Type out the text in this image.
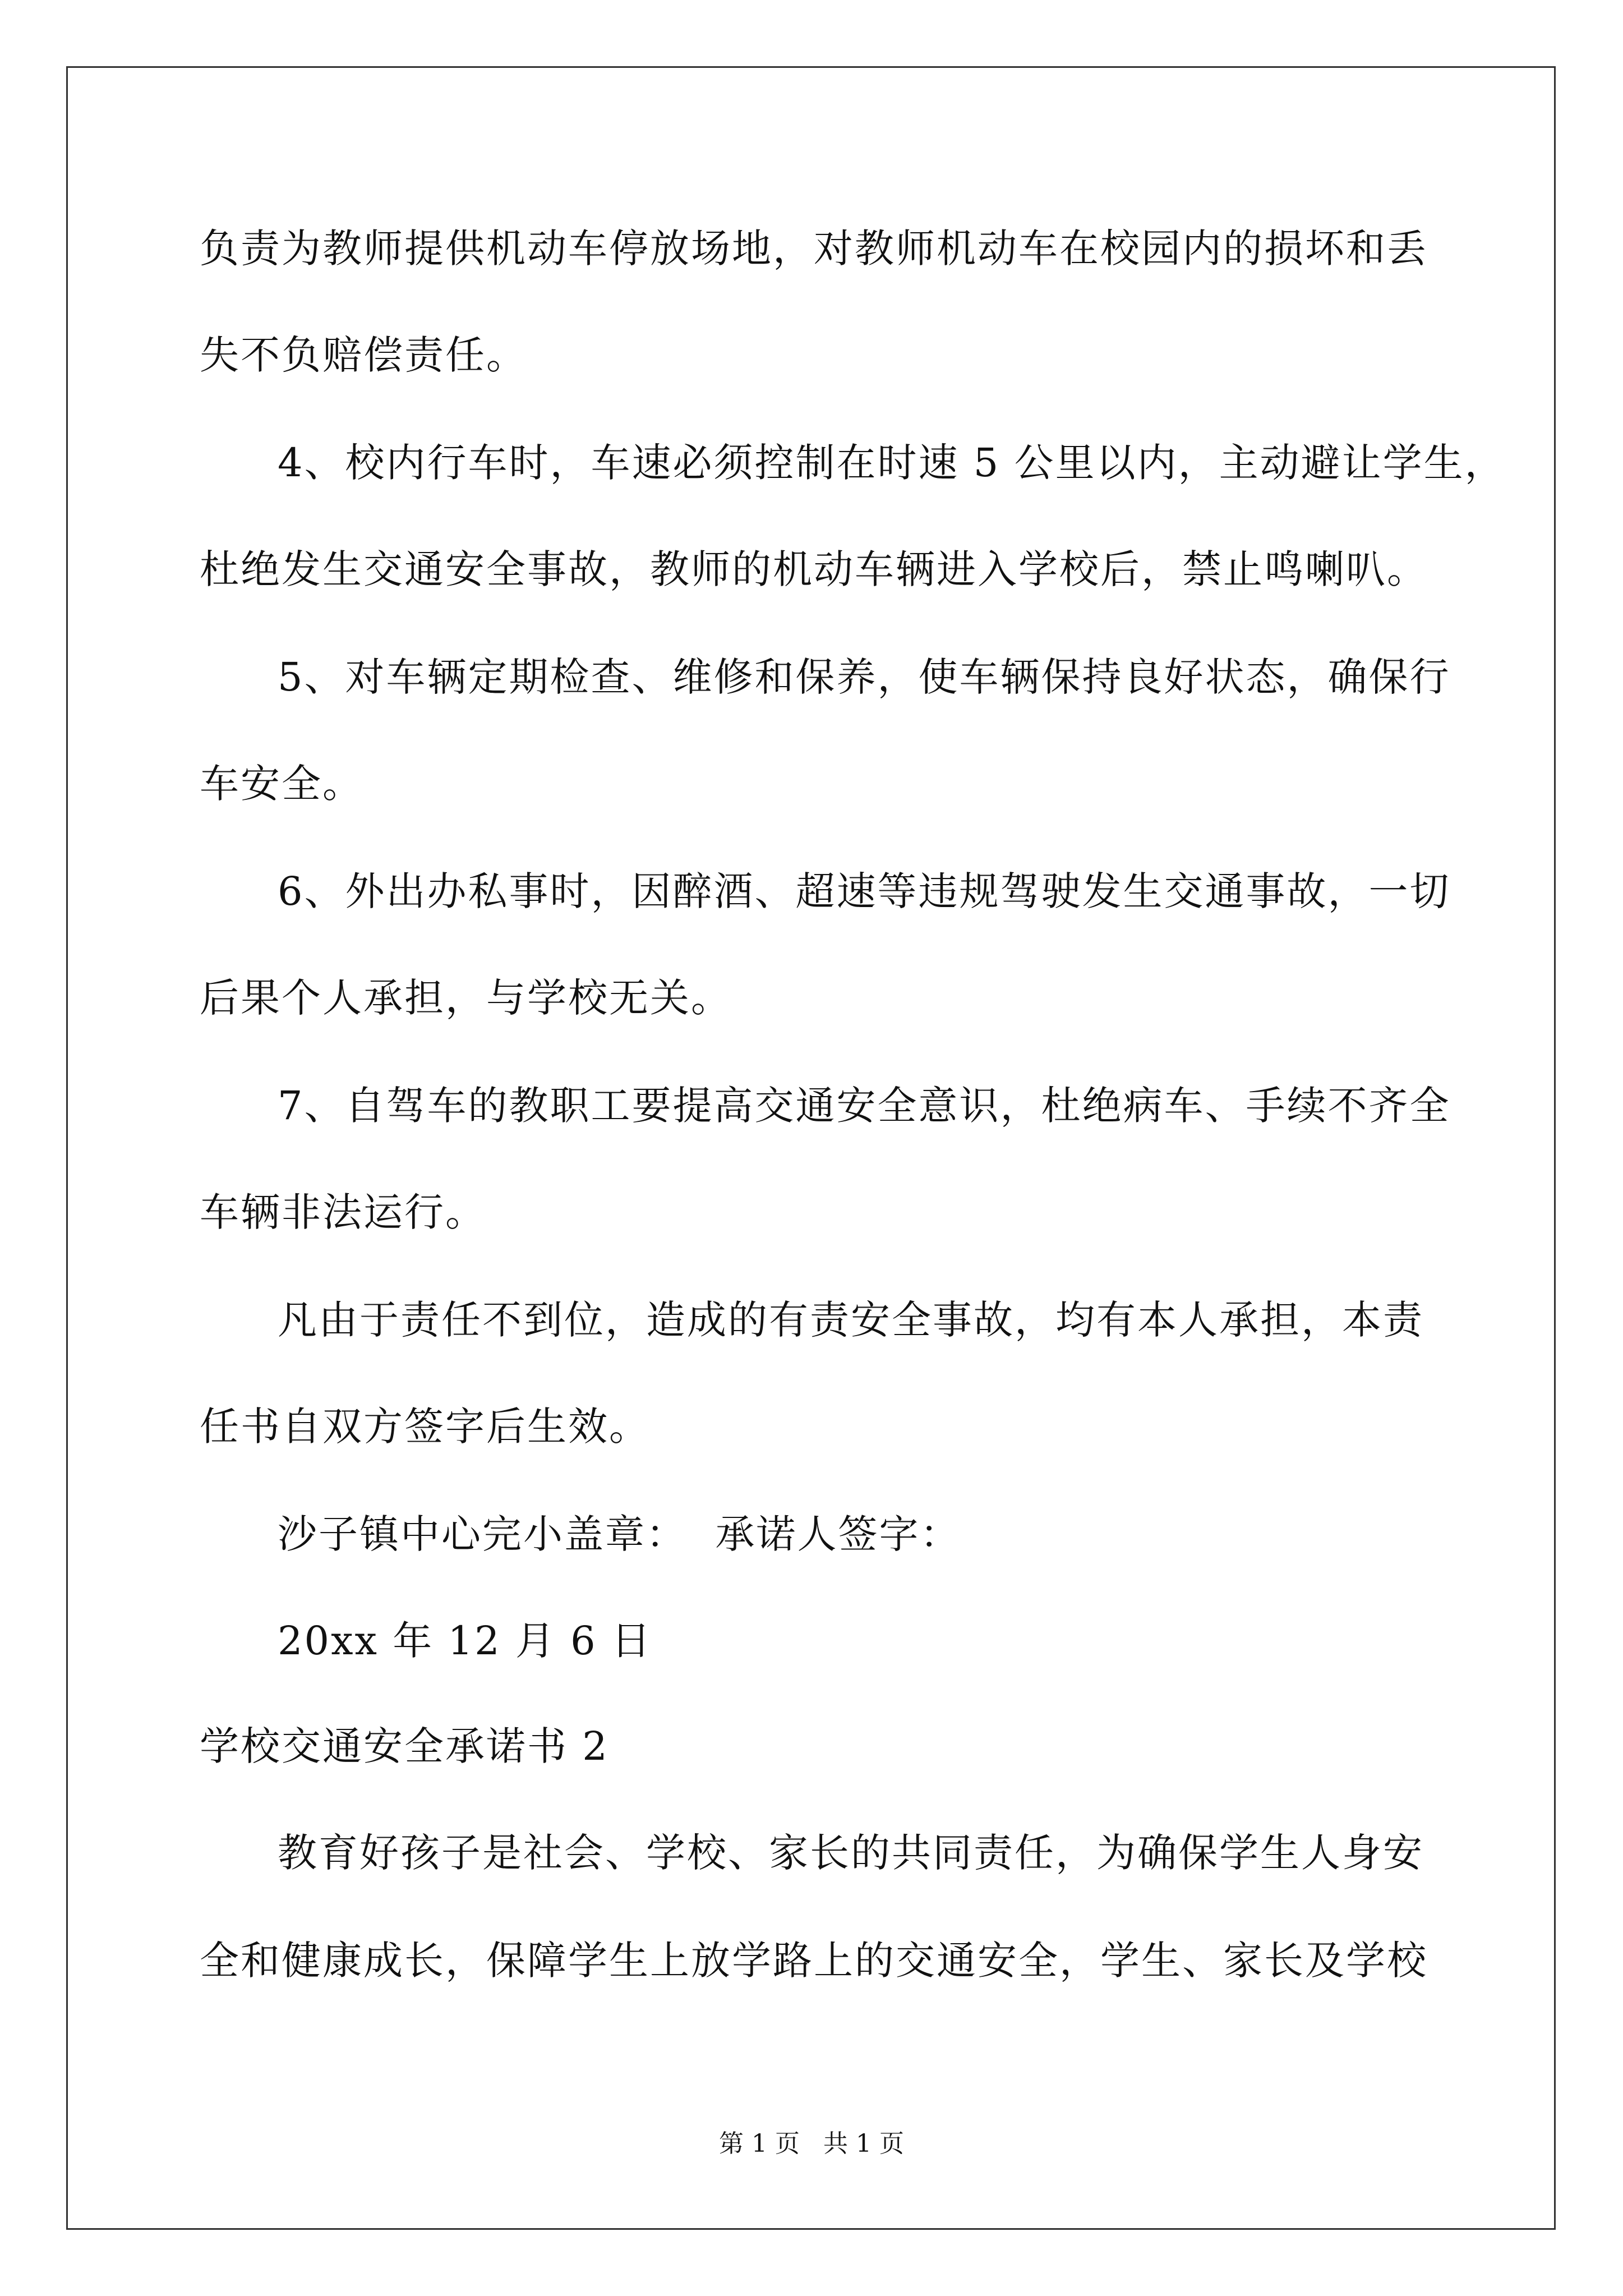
负责为教师提供机动车停放场地，对教师机动车在校园内的损坏和丢
失不负赔偿责任。
4、校内行车时，车速必须控制在时速 5 公里以内，主动避让学生，
杜绝发生交通安全事故，教师的机动车辆进入学校后，禁止鸣喇叭。
5、对车辆定期检查、维修和保养，使车辆保持良好状态，确保行
车安全。
6、外出办私事时，因醉酒、超速等违规驾驶发生交通事故，一切
后果个人承担，与学校无关。
7、自驾车的教职工要提高交通安全意识，杜绝病车、手续不齐全
车辆非法运行。
凡由于责任不到位，造成的有责安全事故，均有本人承担，本责
任书自双方签字后生效。
沙子镇中心完小盖章：  承诺人签字：
20xx 年 12 月 6 日
学校交通安全承诺书 2
教育好孩子是社会、学校、家长的共同责任，为确保学生人身安
全和健康成长，保障学生上放学路上的交通安全，学生、家长及学校
第 1 页   共 1 页
